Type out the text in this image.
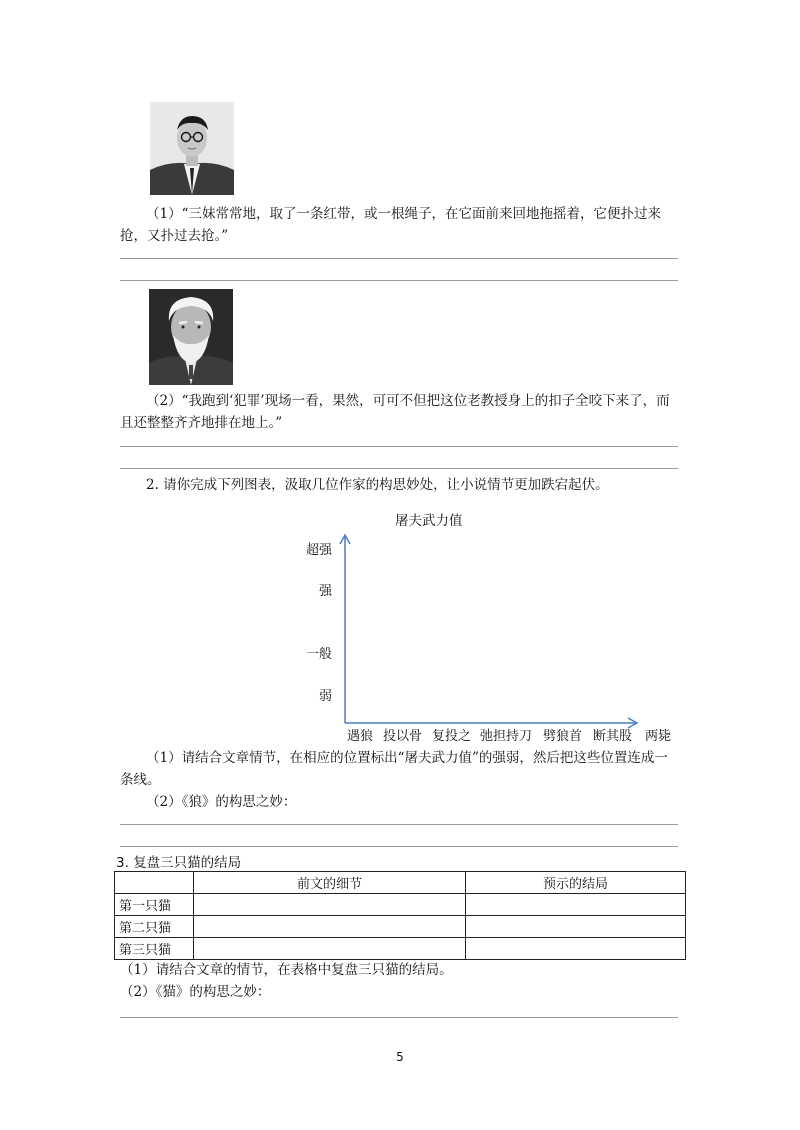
（1）“三妹常常地，取了一条红带，或一根绳子，在它面前来回地拖摇着，它便扑过来抢，又扑过去抢。”
（2）“我跑到‘犯罪’现场一看，果然，可可不但把这位老教授身上的扣子全咬下来了，而且还整整齐齐地排在地上。”
2. 请你完成下列图表，汲取几位作家的构思妙处，让小说情节更加跌宕起伏。
屠夫武力值
超强
强
一般
弱
遇狼 投以骨 复投之 弛担持刀 劈狼首 断其股 两毙
（1）请结合文章情节，在相应的位置标出“屠夫武力值”的强弱，然后把这些位置连成一条线。
（2）《狼》的构思之妙：
3. 复盘三只猫的结局
	前文的细节	预示的结局
第一只猫		
第二只猫		
第三只猫		
（1）请结合文章的情节，在表格中复盘三只猫的结局。
（2）《猫》的构思之妙：
5
